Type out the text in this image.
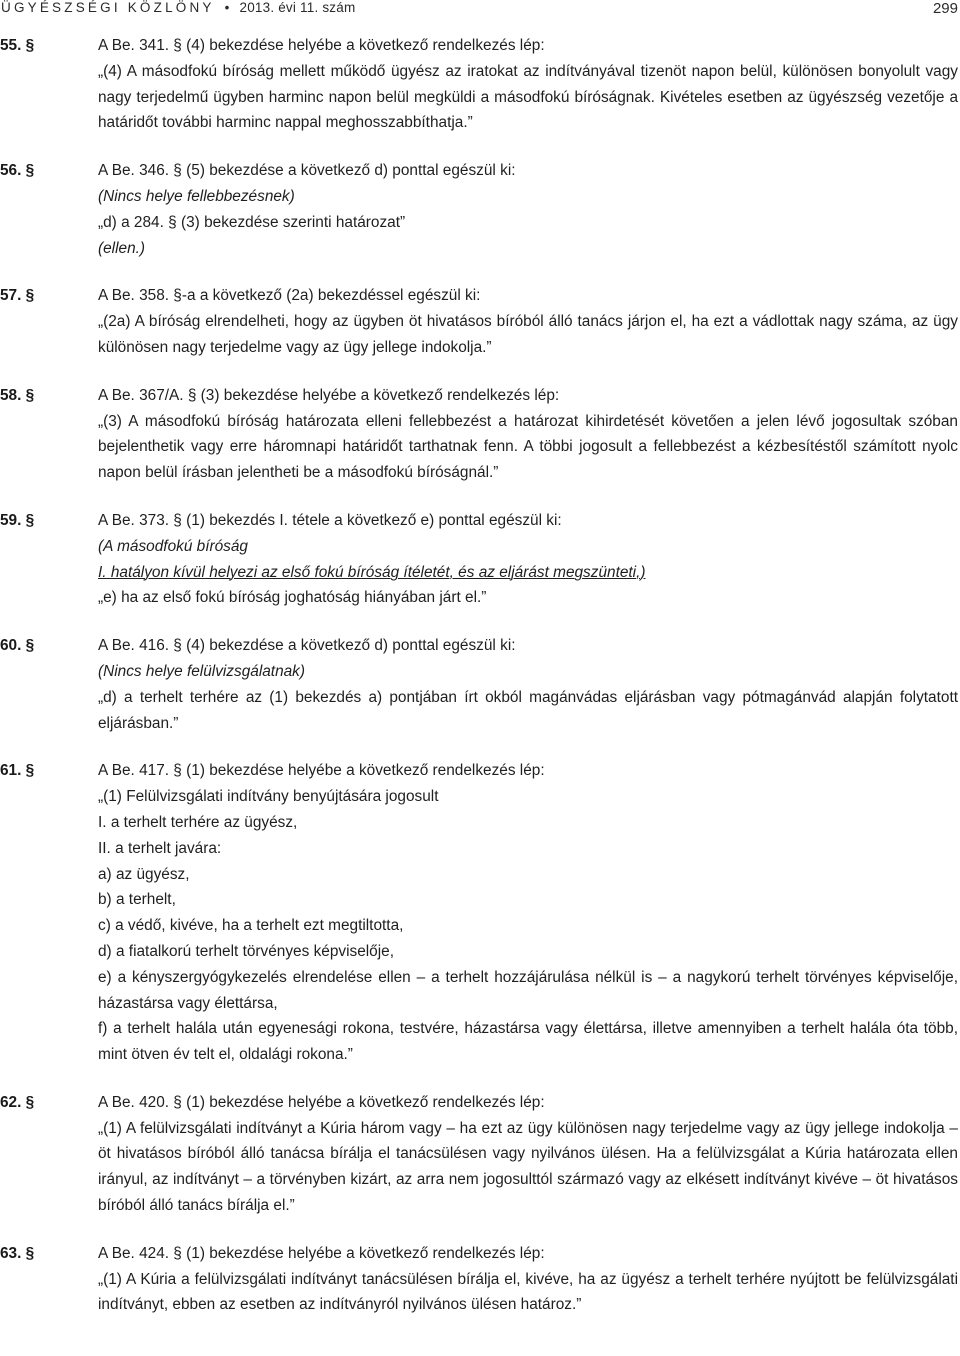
ÜGYÉSZSÉGI KÖZLÖNY • 2013. évi 11. szám	299
55. §	A Be. 341. § (4) bekezdése helyébe a következő rendelkezés lép:
„(4) A másodfokú bíróság mellett működő ügyész az iratokat az indítványával tizenöt napon belül, különösen bonyolult vagy nagy terjedelmű ügyben harminc napon belül megküldi a másodfokú bíróságnak. Kivételes esetben az ügyészség vezetője a határidőt további harminc nappal meghosszabbíthatja.”
56. §	A Be. 346. § (5) bekezdése a következő d) ponttal egészül ki:
(Nincs helye fellebbezésnek)
„d) a 284. § (3) bekezdése szerinti határozat”
(ellen.)
57. §	A Be. 358. §-a a következő (2a) bekezdéssel egészül ki:
„(2a) A bíróság elrendelheti, hogy az ügyben öt hivatásos bíróból álló tanács járjon el, ha ezt a vádlottak nagy száma, az ügy különösen nagy terjedelme vagy az ügy jellege indokolja.”
58. §	A Be. 367/A. § (3) bekezdése helyébe a következő rendelkezés lép:
„(3) A másodfokú bíróság határozata elleni fellebbezést a határozat kihirdetését követően a jelen lévő jogosultak szóban bejelenthetik vagy erre háromnapi határidőt tarthatnak fenn. A többi jogosult a fellebbezést a kézbesítéstől számított nyolc napon belül írásban jelentheti be a másodfokú bíróságnál.”
59. §	A Be. 373. § (1) bekezdés I. tétele a következő e) ponttal egészül ki:
(A másodfokú bíróság
I. hatályon kívül helyezi az első fokú bíróság ítéletét, és az eljárást megszünteti,)
„e) ha az első fokú bíróság joghatóság hiányában járt el.”
60. §	A Be. 416. § (4) bekezdése a következő d) ponttal egészül ki:
(Nincs helye felülvizsgálatnak)
„d) a terhelt terhére az (1) bekezdés a) pontjában írt okból magánvádas eljárásban vagy pótmagánvád alapján folytatott eljárásban.”
61. §	A Be. 417. § (1) bekezdése helyébe a következő rendelkezés lép:
„(1) Felülvizsgálati indítvány benyújtására jogosult
I. a terhelt terhére az ügyész,
II. a terhelt javára:
a) az ügyész,
b) a terhelt,
c) a védő, kivéve, ha a terhelt ezt megtiltotta,
d) a fiatalkorú terhelt törvényes képviselője,
e) a kényszergyógykezelés elrendelése ellen – a terhelt hozzájárulása nélkül is – a nagykorú terhelt törvényes képviselője, házastársa vagy élettársa,
f) a terhelt halála után egyenesági rokona, testvére, házastársa vagy élettársa, illetve amennyiben a terhelt halála óta több, mint ötven év telt el, oldalági rokona.”
62. §	A Be. 420. § (1) bekezdése helyébe a következő rendelkezés lép:
„(1) A felülvizsgálati indítványt a Kúria három vagy – ha ezt az ügy különösen nagy terjedelme vagy az ügy jellege indokolja – öt hivatásos bíróból álló tanácsa bírálja el tanácsülésen vagy nyilvános ülésen. Ha a felülvizsgálat a Kúria határozata ellen irányul, az indítványt – a törvényben kizárt, az arra nem jogosulttól származó vagy az elkésett indítványt kivéve – öt hivatásos bíróból álló tanács bírálja el.”
63. §	A Be. 424. § (1) bekezdése helyébe a következő rendelkezés lép:
„(1) A Kúria a felülvizsgálati indítványt tanácsülésen bírálja el, kivéve, ha az ügyész a terhelt terhére nyújtott be felülvizsgálati indítványt, ebben az esetben az indítványról nyilvános ülésen határoz.”
